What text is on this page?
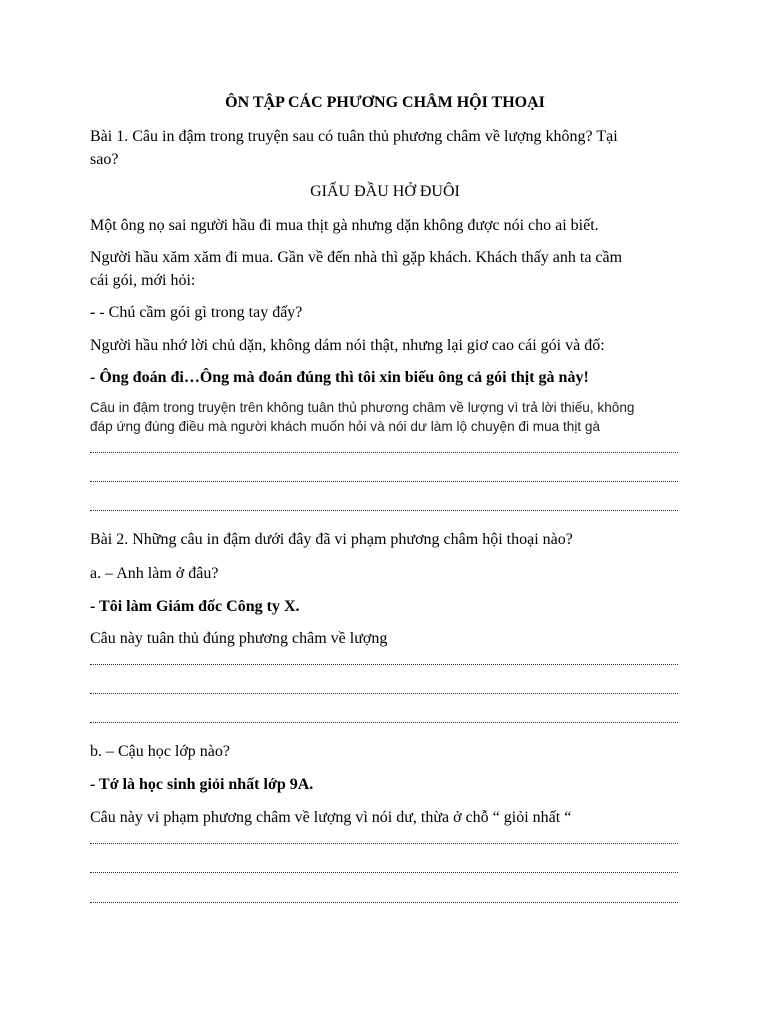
ÔN TẬP CÁC PHƯƠNG CHÂM HỘI THOẠI
Bài 1. Câu in đậm trong truyện sau có tuân thủ phương châm về lượng không? Tại
sao?
GIẤU ĐẦU HỞ ĐUÔI
Một ông nọ sai người hầu đi mua thịt gà nhưng dặn không được nói cho ai biết.
Người hầu xăm xăm đi mua. Gần về đến nhà thì gặp khách. Khách thấy anh ta cầm
cái gói, mới hỏi:
- - Chú cầm gói gì trong tay đấy?
Người hầu nhớ lời chủ dặn, không dám nói thật, nhưng lại giơ cao cái gói và đố:
- Ông đoán đi…Ông mà đoán đúng thì tôi xin biếu ông cả gói thịt gà này!
Câu in đậm trong truyện trên không tuân thủ phương châm về lượng vì trả lời thiếu, không
đáp ứng đúng điều mà người khách muốn hỏi và nói dư làm lộ chuyện đi mua thịt gà
Bài 2. Những câu in đậm dưới đây đã vi phạm phương châm hội thoại nào?
a. – Anh làm ở đâu?
- Tôi làm Giám đốc Công ty X.
Câu này tuân thủ đúng phương châm về lượng
b. – Cậu học lớp nào?
- Tớ là học sinh giỏi nhất lớp 9A.
Câu này vi phạm phương châm về lượng vì nói dư, thừa ở chỗ “ giỏi nhất “
